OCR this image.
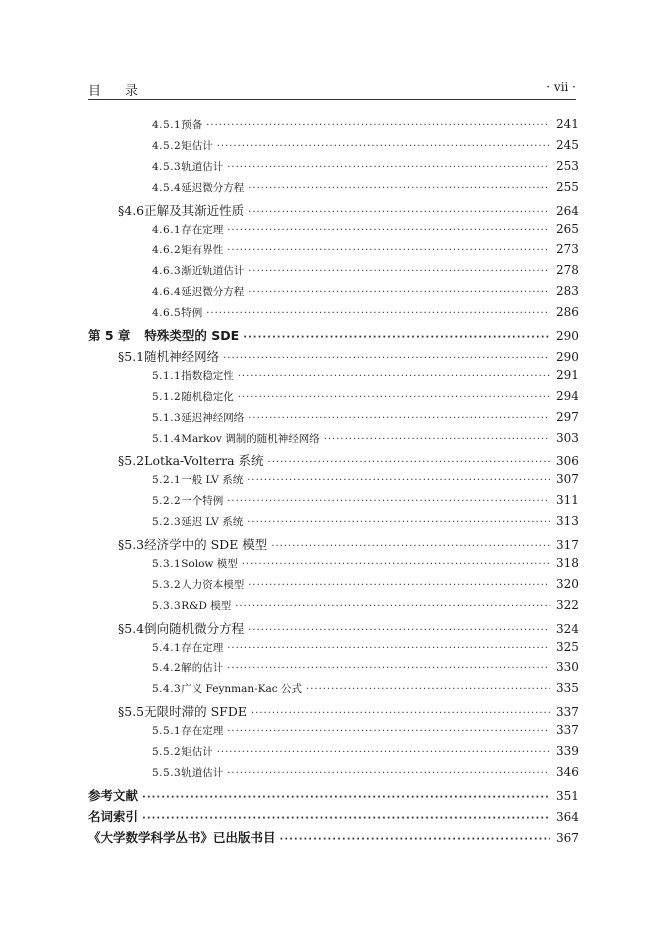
目 录	· vii ·
4.5.1 预备 ·····	241
4.5.2 矩估计 ·····	245
4.5.3 轨道估计 ·····	253
4.5.4 延迟微分方程 ·····	255
§4.6 正解及其渐近性质 ·····	264
4.6.1 存在定理 ·····	265
4.6.2 矩有界性 ·····	273
4.6.3 渐近轨道估计 ·····	278
4.6.4 延迟微分方程 ·····	283
4.6.5 特例 ·····	286
第 5 章 特殊类型的 SDE ·····	290
§5.1 随机神经网络 ·····	290
5.1.1 指数稳定性 ·····	291
5.1.2 随机稳定化 ·····	294
5.1.3 延迟神经网络 ·····	297
5.1.4 Markov 调制的随机神经网络 ·····	303
§5.2 Lotka-Volterra 系统 ·····	306
5.2.1 一般 LV 系统 ·····	307
5.2.2 一个特例 ·····	311
5.2.3 延迟 LV 系统 ·····	313
§5.3 经济学中的 SDE 模型 ·····	317
5.3.1 Solow 模型 ·····	318
5.3.2 人力资本模型 ·····	320
5.3.3 R&D 模型 ·····	322
§5.4 倒向随机微分方程 ·····	324
5.4.1 存在定理 ·····	325
5.4.2 解的估计 ·····	330
5.4.3 广义 Feynman-Kac 公式 ·····	335
§5.5 无限时滞的 SFDE ·····	337
5.5.1 存在定理 ·····	337
5.5.2 矩估计 ·····	339
5.5.3 轨道估计 ·····	346
参考文献 ·····	351
名词索引 ·····	364
《大学数学科学丛书》已出版书目 ·····	367
